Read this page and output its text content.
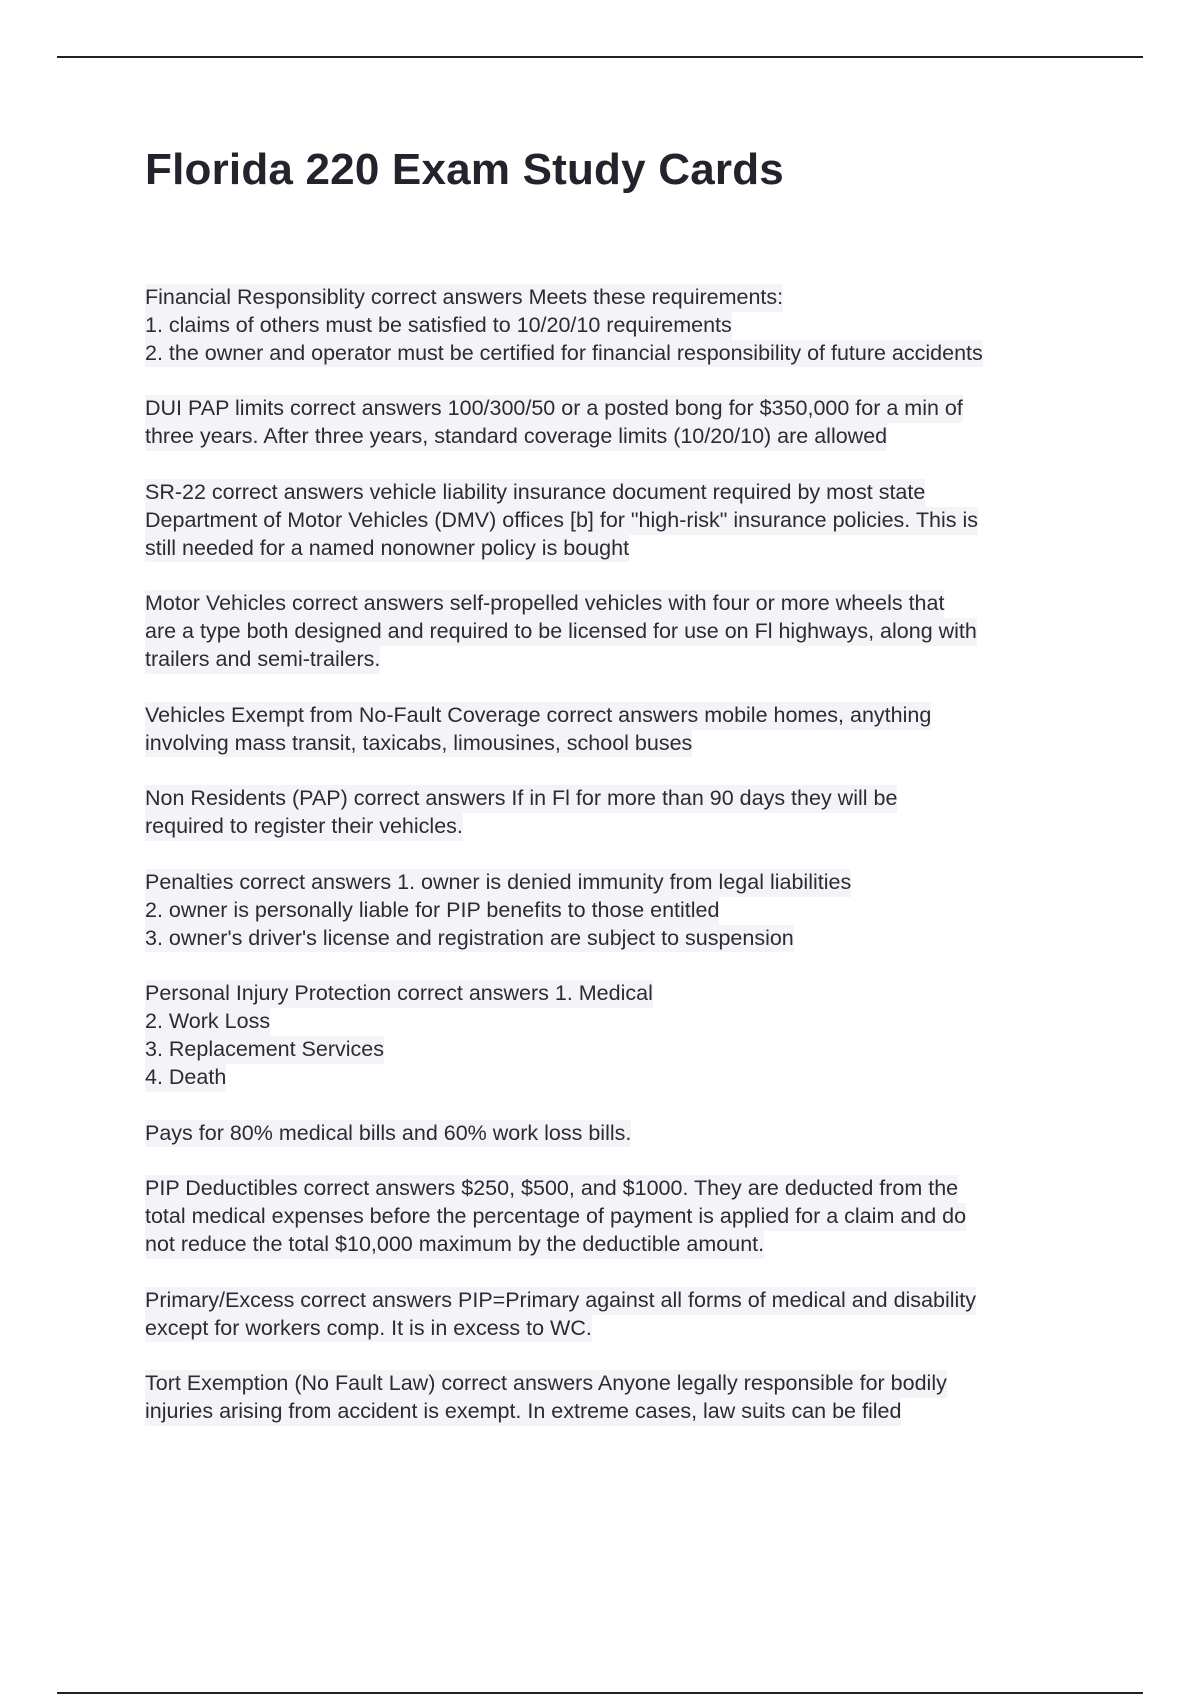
Florida 220 Exam Study Cards
Financial Responsiblity correct answers Meets these requirements:
1. claims of others must be satisfied to 10/20/10 requirements
2. the owner and operator must be certified for financial responsibility of future accidents
DUI PAP limits correct answers 100/300/50 or a posted bong for $350,000 for a min of
three years. After three years, standard coverage limits (10/20/10) are allowed
SR-22 correct answers vehicle liability insurance document required by most state
Department of Motor Vehicles (DMV) offices [b] for "high-risk" insurance policies. This is
still needed for a named nonowner policy is bought
Motor Vehicles correct answers self-propelled vehicles with four or more wheels that
are a type both designed and required to be licensed for use on Fl highways, along with
trailers and semi-trailers.
Vehicles Exempt from No-Fault Coverage correct answers mobile homes, anything
involving mass transit, taxicabs, limousines, school buses
Non Residents (PAP) correct answers If in Fl for more than 90 days they will be
required to register their vehicles.
Penalties correct answers 1. owner is denied immunity from legal liabilities
2. owner is personally liable for PIP benefits to those entitled
3. owner's driver's license and registration are subject to suspension
Personal Injury Protection correct answers 1. Medical
2. Work Loss
3. Replacement Services
4. Death
Pays for 80% medical bills and 60% work loss bills.
PIP Deductibles correct answers $250, $500, and $1000. They are deducted from the
total medical expenses before the percentage of payment is applied for a claim and do
not reduce the total $10,000 maximum by the deductible amount.
Primary/Excess correct answers PIP=Primary against all forms of medical and disability
except for workers comp. It is in excess to WC.
Tort Exemption (No Fault Law) correct answers Anyone legally responsible for bodily
injuries arising from accident is exempt. In extreme cases, law suits can be filed
